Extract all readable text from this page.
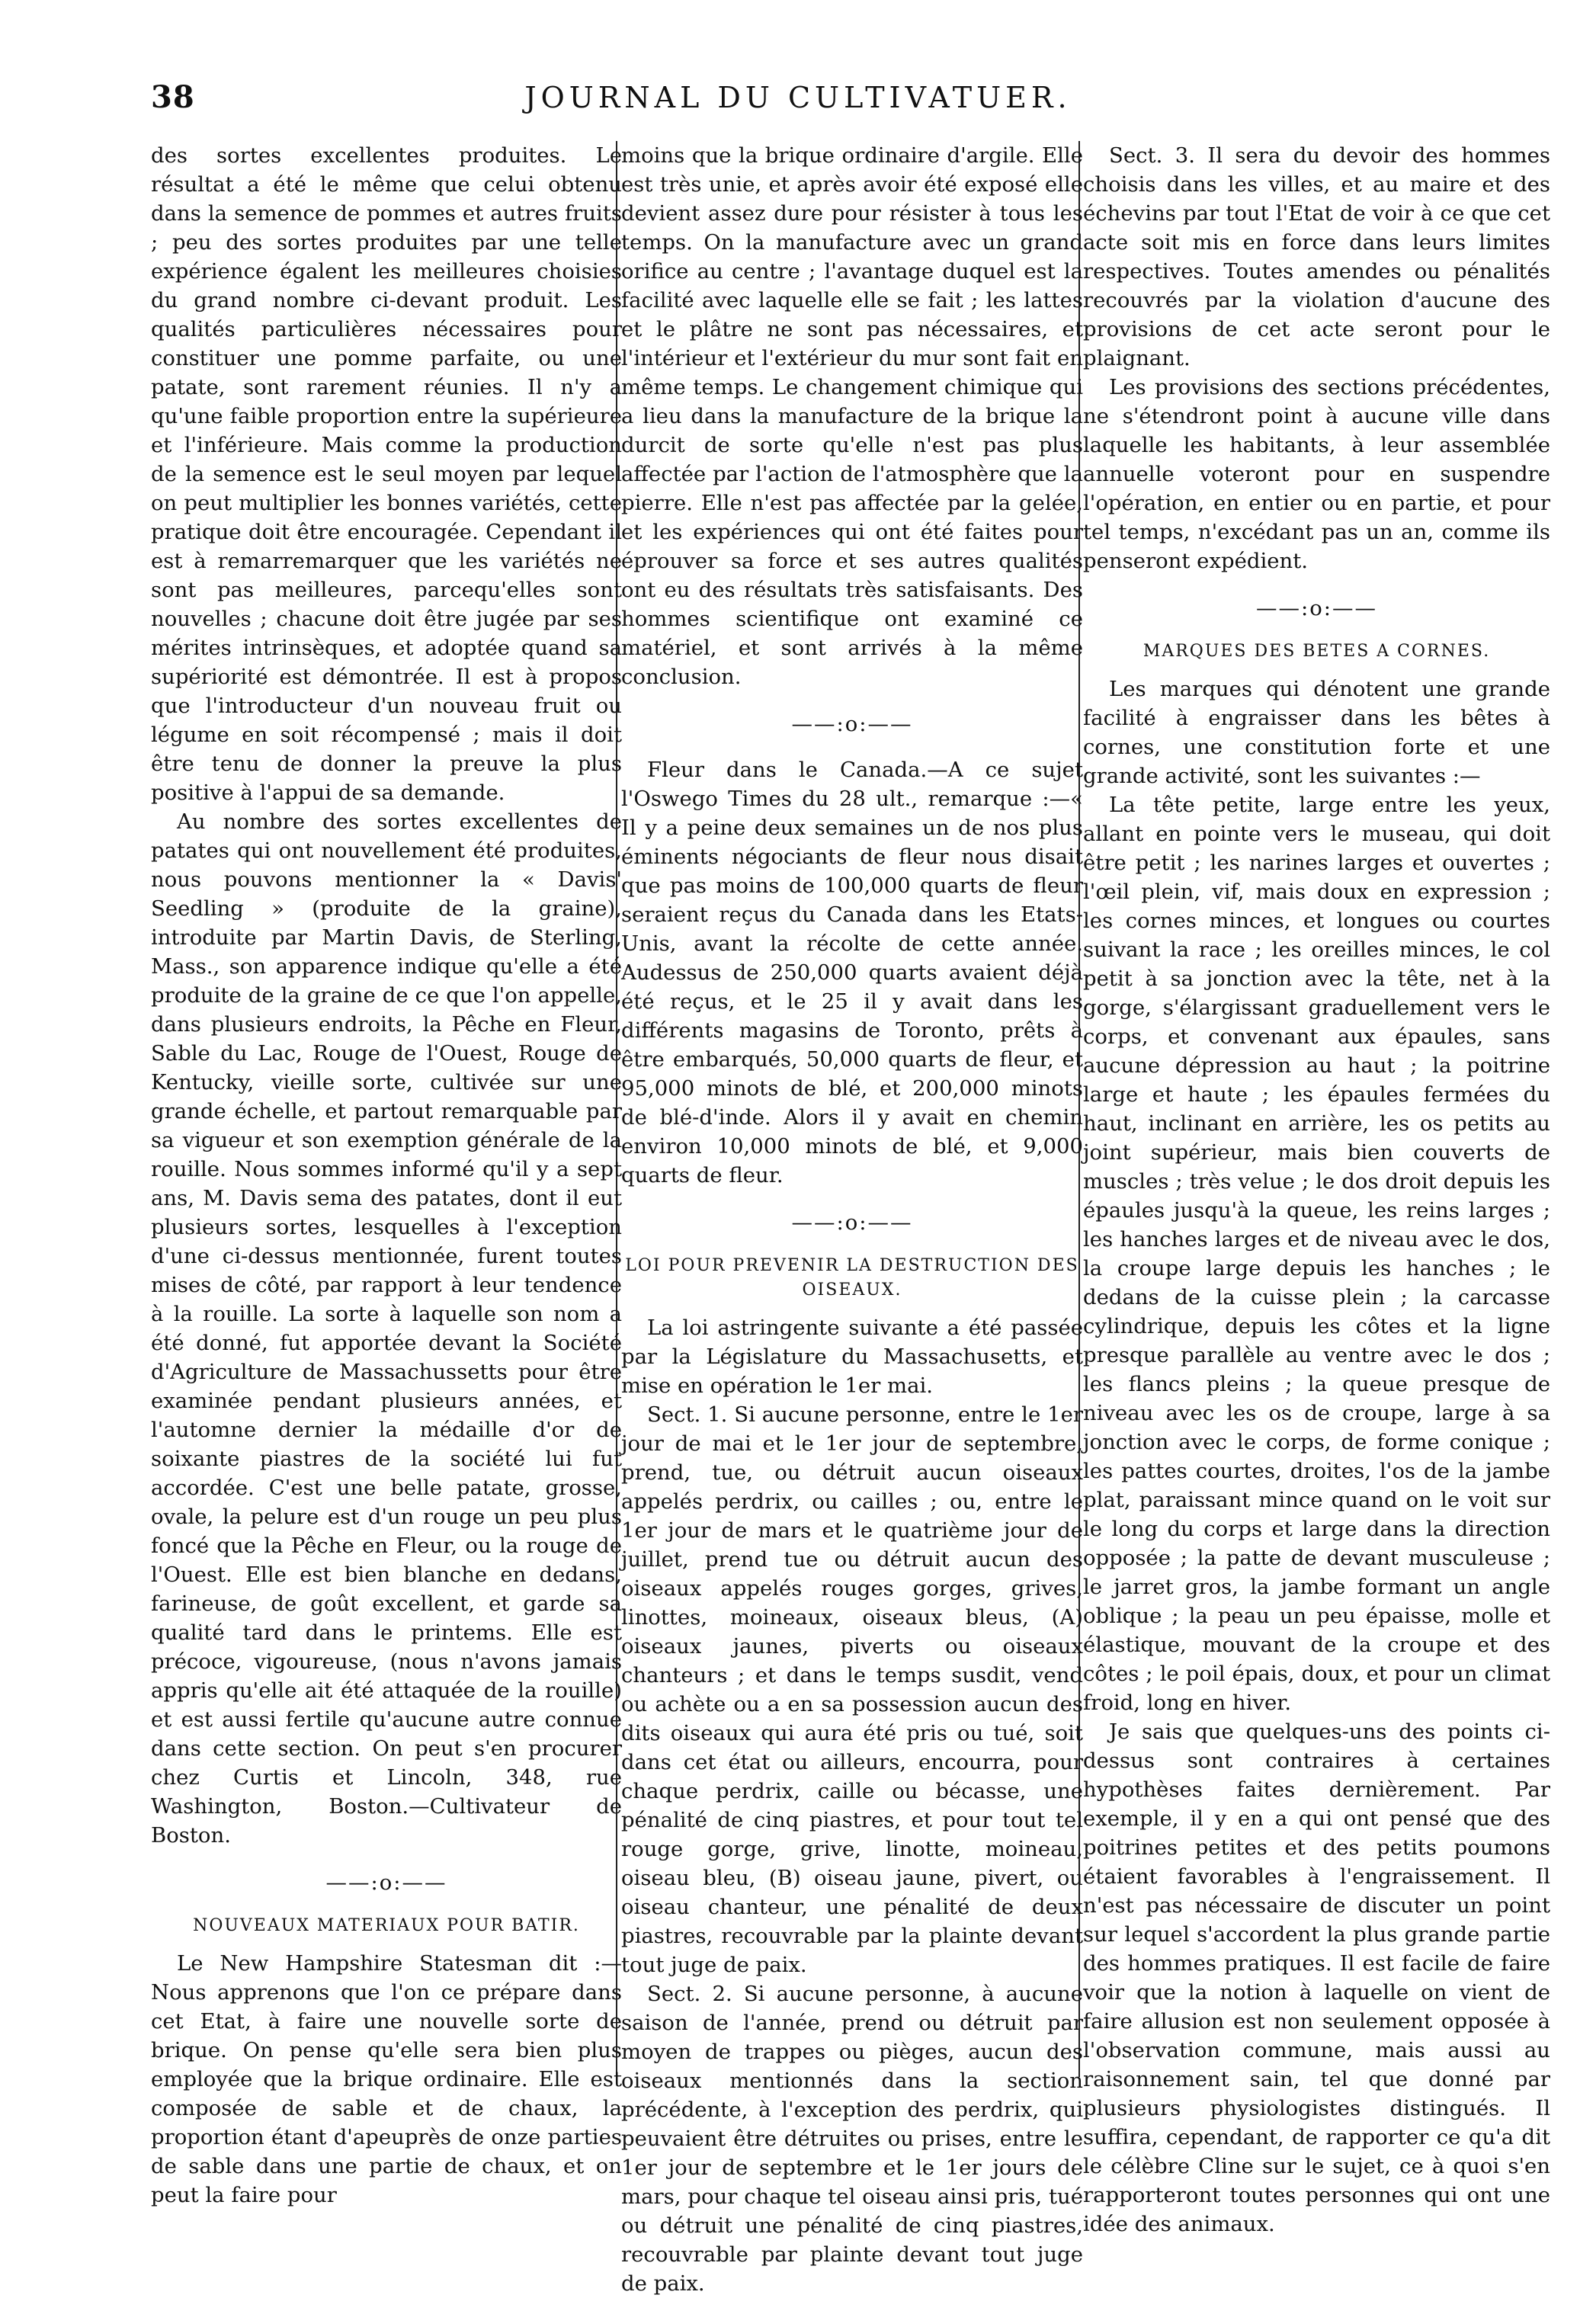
38	JOURNAL DU CULTIVATUER.

des sortes excellentes produites. Le résultat a été le même que celui obtenu dans la semence de pommes et autres fruits ; peu des sortes produites par une telle expérience égalent les meilleures choisies du grand nombre ci-devant produit. Les qualités particulières nécessaires pour constituer une pomme parfaite, ou une patate, sont rarement réunies. Il n'y a qu'une faible proportion entre la supérieure et l'inférieure. Mais comme la production de la semence est le seul moyen par lequel on peut multiplier les bonnes variétés, cette pratique doit être encouragée. Cependant il est à remarremarquer que les variétés ne sont pas meilleures, parcequ'elles sont nouvelles ; chacune doit être jugée par ses mérites intrinsèques, et adoptée quand sa supériorité est démontrée. Il est à propos que l'introducteur d'un nouveau fruit ou légume en soit récompensé ; mais il doit être tenu de donner la preuve la plus positive à l'appui de sa demande.

Au nombre des sortes excellentes de patates qui ont nouvellement été produites, nous pouvons mentionner la « Davis' Seedling » (produite de la graine), introduite par Martin Davis, de Sterling, Mass., son apparence indique qu'elle a été produite de la graine de ce que l'on appelle, dans plusieurs endroits, la Pêche en Fleur, Sable du Lac, Rouge de l'Ouest, Rouge de Kentucky, vieille sorte, cultivée sur une grande échelle, et partout remarquable par sa vigueur et son exemption générale de la rouille. Nous sommes informé qu'il y a sept ans, M. Davis sema des patates, dont il eut plusieurs sortes, lesquelles à l'exception d'une ci-dessus mentionnée, furent toutes mises de côté, par rapport à leur tendence à la rouille. La sorte à laquelle son nom a été donné, fut apportée devant la Société d'Agriculture de Massachussetts pour être examinée pendant plusieurs années, et l'automne dernier la médaille d'or de soixante piastres de la société lui fut accordée. C'est une belle patate, grosse, ovale, la pelure est d'un rouge un peu plus foncé que la Pêche en Fleur, ou la rouge de l'Ouest. Elle est bien blanche en dedans, farineuse, de goût excellent, et garde sa qualité tard dans le printems. Elle est précoce, vigoureuse, (nous n'avons jamais appris qu'elle ait été attaquée de la rouille) et est aussi fertile qu'aucune autre connue dans cette section. On peut s'en procurer chez Curtis et Lincoln, 348, rue Washington, Boston.—Cultivateur de Boston.

——:o:——
NOUVEAUX MATERIAUX POUR BATIR.

Le New Hampshire Statesman dit :—Nous apprenons que l'on ce prépare dans cet Etat, à faire une nouvelle sorte de brique. On pense qu'elle sera bien plus employée que la brique ordinaire. Elle est composée de sable et de chaux, la proportion étant d'apeuprès de onze parties de sable dans une partie de chaux, et on peut la faire pour

moins que la brique ordinaire d'argile. Elle est très unie, et après avoir été exposé elle devient assez dure pour résister à tous les temps. On la manufacture avec un grand orifice au centre ; l'avantage duquel est la facilité avec laquelle elle se fait ; les lattes et le plâtre ne sont pas nécessaires, et l'intérieur et l'extérieur du mur sont fait en même temps. Le changement chimique qui a lieu dans la manufacture de la brique la durcit de sorte qu'elle n'est pas plus affectée par l'action de l'atmosphère que la pierre. Elle n'est pas affectée par la gelée, et les expériences qui ont été faites pour éprouver sa force et ses autres qualités ont eu des résultats très satisfaisants. Des hommes scientifique ont examiné ce matériel, et sont arrivés à la même conclusion.

——:o:——

Fleur dans le Canada.—A ce sujet l'Oswego Times du 28 ult., remarque :—« Il y a peine deux semaines un de nos plus éminents négociants de fleur nous disait que pas moins de 100,000 quarts de fleur seraient reçus du Canada dans les Etats-Unis, avant la récolte de cette année. Audessus de 250,000 quarts avaient déjà été reçus, et le 25 il y avait dans les différents magasins de Toronto, prêts à être embarqués, 50,000 quarts de fleur, et 95,000 minots de blé, et 200,000 minots de blé-d'inde. Alors il y avait en chemin environ 10,000 minots de blé, et 9,000 quarts de fleur.

——:o:——
LOI POUR PREVENIR LA DESTRUCTION DES OISEAUX.

La loi astringente suivante a été passée par la Législature du Massachusetts, et mise en opération le 1er mai.

Sect. 1. Si aucune personne, entre le 1er jour de mai et le 1er jour de septembre, prend, tue, ou détruit aucun oiseaux appelés perdrix, ou cailles ; ou, entre le 1er jour de mars et le quatrième jour de juillet, prend tue ou détruit aucun des oiseaux appelés rouges gorges, grives, linottes, moineaux, oiseaux bleus, (A) oiseaux jaunes, piverts ou oiseaux chanteurs ; et dans le temps susdit, vend ou achète ou a en sa possession aucun des dits oiseaux qui aura été pris ou tué, soit dans cet état ou ailleurs, encourra, pour chaque perdrix, caille ou bécasse, une pénalité de cinq piastres, et pour tout tel rouge gorge, grive, linotte, moineau, oiseau bleu, (B) oiseau jaune, pivert, ou oiseau chanteur, une pénalité de deux piastres, recouvrable par la plainte devant tout juge de paix.

Sect. 2. Si aucune personne, à aucune saison de l'année, prend ou détruit par moyen de trappes ou pièges, aucun des oiseaux mentionnés dans la section précédente, à l'exception des perdrix, qui peuvaient être détruites ou prises, entre le 1er jour de septembre et le 1er jours de mars, pour chaque tel oiseau ainsi pris, tué ou détruit une pénalité de cinq piastres, recouvrable par plainte devant tout juge de paix.

Sect. 3. Il sera du devoir des hommes choisis dans les villes, et au maire et des échevins par tout l'Etat de voir à ce que cet acte soit mis en force dans leurs limites respectives. Toutes amendes ou pénalités recouvrés par la violation d'aucune des provisions de cet acte seront pour le plaignant.

Les provisions des sections précédentes, ne s'étendront point à aucune ville dans laquelle les habitants, à leur assemblée annuelle voteront pour en suspendre l'opération, en entier ou en partie, et pour tel temps, n'excédant pas un an, comme ils penseront expédient.

——:o:——
MARQUES DES BETES A CORNES.

Les marques qui dénotent une grande facilité à engraisser dans les bêtes à cornes, une constitution forte et une grande activité, sont les suivantes :—

La tête petite, large entre les yeux, allant en pointe vers le museau, qui doit être petit ; les narines larges et ouvertes ; l'œil plein, vif, mais doux en expression ; les cornes minces, et longues ou courtes suivant la race ; les oreilles minces, le col petit à sa jonction avec la tête, net à la gorge, s'élargissant graduellement vers le corps, et convenant aux épaules, sans aucune dépression au haut ; la poitrine large et haute ; les épaules fermées du haut, inclinant en arrière, les os petits au joint supérieur, mais bien couverts de muscles ; très velue ; le dos droit depuis les épaules jusqu'à la queue, les reins larges ; les hanches larges et de niveau avec le dos, la croupe large depuis les hanches ; le dedans de la cuisse plein ; la carcasse cylindrique, depuis les côtes et la ligne presque parallèle au ventre avec le dos ; les flancs pleins ; la queue presque de niveau avec les os de croupe, large à sa jonction avec le corps, de forme conique ; les pattes courtes, droites, l'os de la jambe plat, paraissant mince quand on le voit sur le long du corps et large dans la direction opposée ; la patte de devant musculeuse ; le jarret gros, la jambe formant un angle oblique ; la peau un peu épaisse, molle et élastique, mouvant de la croupe et des côtes ; le poil épais, doux, et pour un climat froid, long en hiver.

Je sais que quelques-uns des points ci-dessus sont contraires à certaines hypothèses faites dernièrement. Par exemple, il y en a qui ont pensé que des poitrines petites et des petits poumons étaient favorables à l'engraissement. Il n'est pas nécessaire de discuter un point sur lequel s'accordent la plus grande partie des hommes pratiques. Il est facile de faire voir que la notion à laquelle on vient de faire allusion est non seulement opposée à l'observation commune, mais aussi au raisonnement sain, tel que donné par plusieurs physiologistes distingués. Il suffira, cependant, de rapporter ce qu'a dit le célèbre Cline sur le sujet, ce à quoi s'en rapporteront toutes personnes qui ont une idée des animaux.
